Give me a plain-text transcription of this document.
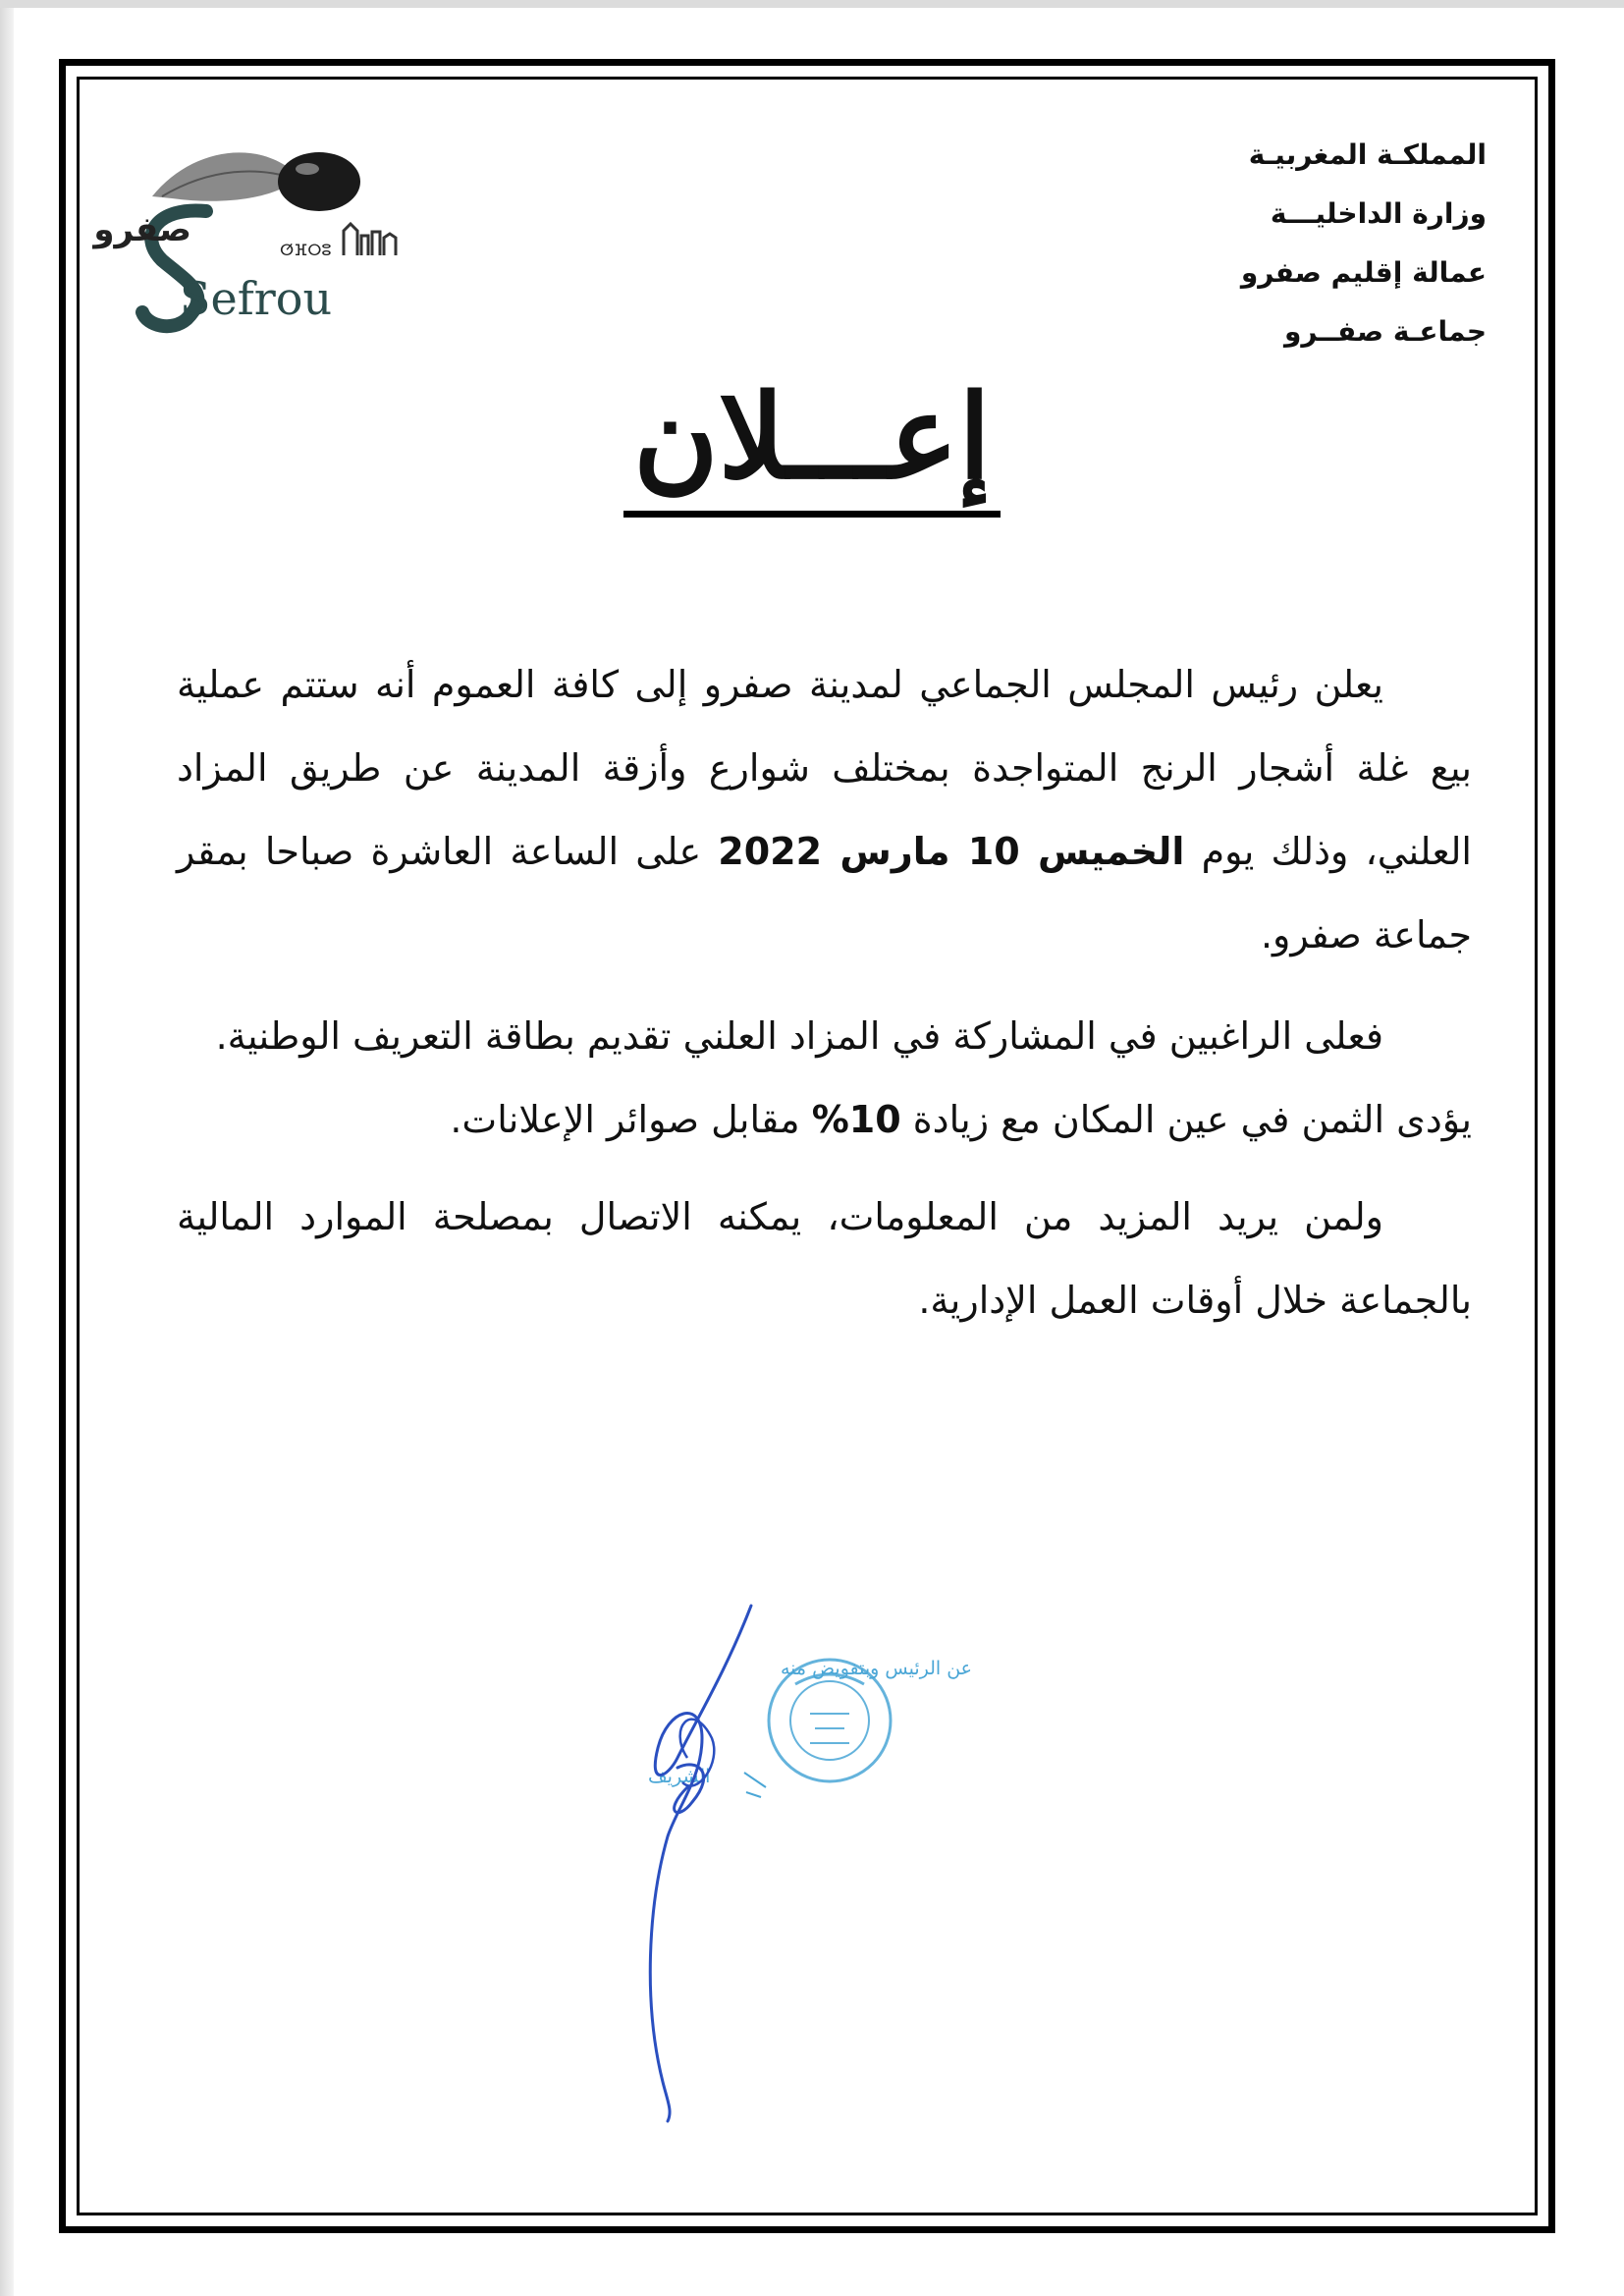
صفرو
ⵚⴼⵔⵓ
Sefrou
المملكـة المغربيـة
وزارة الداخليـــة
عمالة إقليم صفرو
جماعـة صفــرو
إعـــلان

يعلن رئيس المجلس الجماعي لمدينة صفرو إلى كافة العموم أنه ستتم عملية بيع غلة أشجار الرنج المتواجدة بمختلف شوارع وأزقة المدينة عن طريق المزاد العلني، وذلك يوم الخميس 10 مارس 2022 على الساعة العاشرة صباحا بمقر جماعة صفرو.

فعلى الراغبين في المشاركة في المزاد العلني تقديم بطاقة التعريف الوطنية.

يؤدى الثمن في عين المكان مع زيادة 10% مقابل صوائر الإعلانات.

ولمن يريد المزيد من المعلومات، يمكنه الاتصال بمصلحة الموارد المالية بالجماعة خلال أوقات العمل الإدارية.

عن الرئيس وبتفويض منه
الشريف
